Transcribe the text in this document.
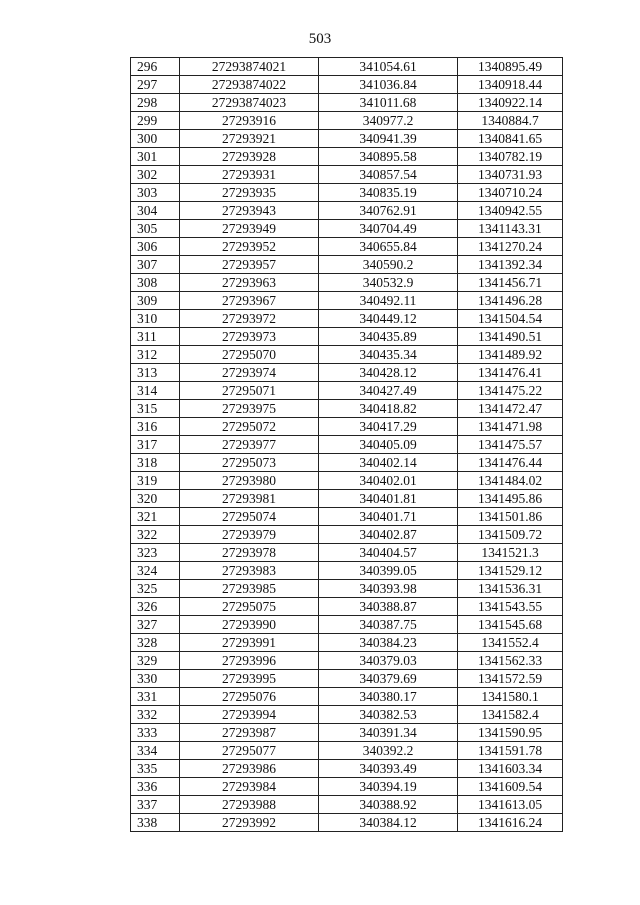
503
296	27293874021	341054.61	1340895.49
297	27293874022	341036.84	1340918.44
298	27293874023	341011.68	1340922.14
299	27293916	340977.2	1340884.7
300	27293921	340941.39	1340841.65
301	27293928	340895.58	1340782.19
302	27293931	340857.54	1340731.93
303	27293935	340835.19	1340710.24
304	27293943	340762.91	1340942.55
305	27293949	340704.49	1341143.31
306	27293952	340655.84	1341270.24
307	27293957	340590.2	1341392.34
308	27293963	340532.9	1341456.71
309	27293967	340492.11	1341496.28
310	27293972	340449.12	1341504.54
311	27293973	340435.89	1341490.51
312	27295070	340435.34	1341489.92
313	27293974	340428.12	1341476.41
314	27295071	340427.49	1341475.22
315	27293975	340418.82	1341472.47
316	27295072	340417.29	1341471.98
317	27293977	340405.09	1341475.57
318	27295073	340402.14	1341476.44
319	27293980	340402.01	1341484.02
320	27293981	340401.81	1341495.86
321	27295074	340401.71	1341501.86
322	27293979	340402.87	1341509.72
323	27293978	340404.57	1341521.3
324	27293983	340399.05	1341529.12
325	27293985	340393.98	1341536.31
326	27295075	340388.87	1341543.55
327	27293990	340387.75	1341545.68
328	27293991	340384.23	1341552.4
329	27293996	340379.03	1341562.33
330	27293995	340379.69	1341572.59
331	27295076	340380.17	1341580.1
332	27293994	340382.53	1341582.4
333	27293987	340391.34	1341590.95
334	27295077	340392.2	1341591.78
335	27293986	340393.49	1341603.34
336	27293984	340394.19	1341609.54
337	27293988	340388.92	1341613.05
338	27293992	340384.12	1341616.24
